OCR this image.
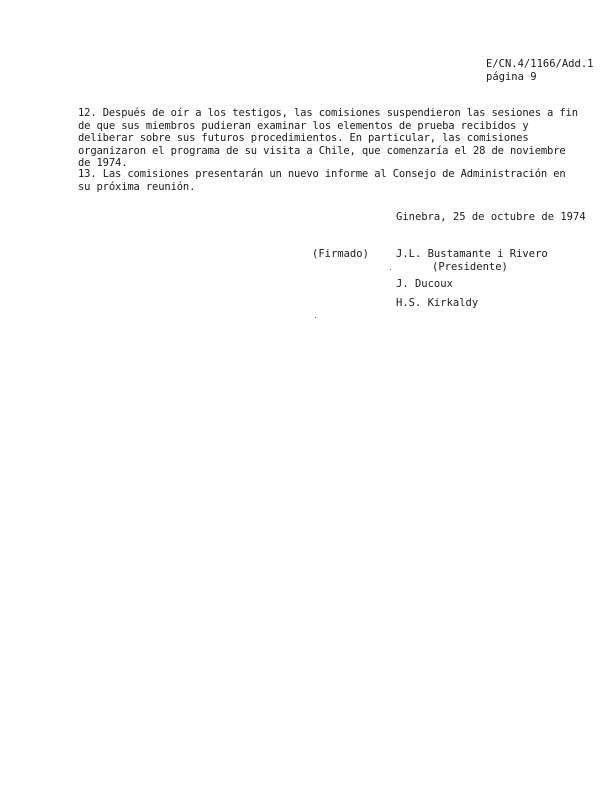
E/CN.4/1166/Add.1
página 9
12. Después de oír a los testigos, las comisiones suspendieron las sesiones a fin de que sus miembros pudieran examinar los elementos de prueba recibidos y deliberar sobre sus futuros procedimientos. En particular, las comisiones organizaron el programa de su visita a Chile, que comenzaría el 28 de noviembre de 1974.
13. Las comisiones presentarán un nuevo informe al Consejo de Administración en su próxima reunión.
Ginebra, 25 de octubre de 1974
(Firmado)	J.L. Bustamante i Rivero
(Presidente)
J. Ducoux
H.S. Kirkaldy
